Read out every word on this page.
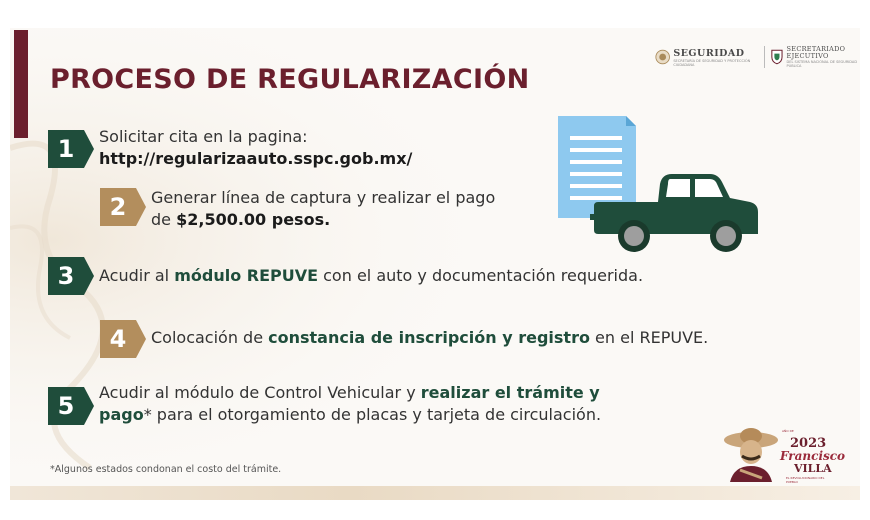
PROCESO DE REGULARIZACIÓN
SEGURIDAD
SECRETARÍA DE SEGURIDAD Y PROTECCIÓN CIUDADANA
SECRETARIADO
EJECUTIVO
DEL SISTEMA NACIONAL DE SEGURIDAD PÚBLICA
1	Solicitar cita en la pagina:
http://regularizaauto.sspc.gob.mx/
2	Generar línea de captura y realizar el pago
de $2,500.00 pesos.
3	Acudir al módulo REPUVE con el auto y documentación requerida.
4	Colocación de constancia de inscripción y registro en el REPUVE.
5	Acudir al módulo de Control Vehicular y realizar el trámite y
pago* para el otorgamiento de placas y tarjeta de circulación.
*Algunos estados condonan el costo del trámite.
AÑO DE
2023
Francisco
VILLA
EL REVOLUCIONARIO DEL PUEBLO
